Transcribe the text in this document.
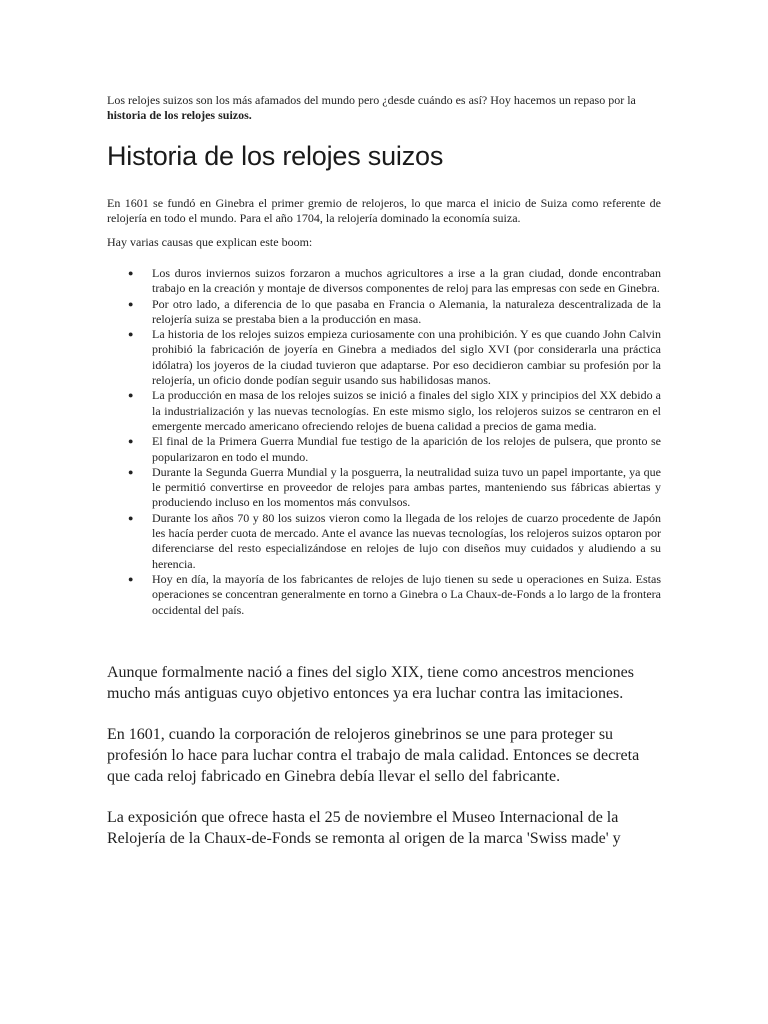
Los relojes suizos son los más afamados del mundo pero ¿desde cuándo es así? Hoy hacemos un repaso por la historia de los relojes suizos.

Historia de los relojes suizos

En 1601 se fundó en Ginebra el primer gremio de relojeros, lo que marca el inicio de Suiza como referente de relojería en todo el mundo. Para el año 1704, la relojería dominado la economía suiza.

Hay varias causas que explican este boom:

● Los duros inviernos suizos forzaron a muchos agricultores a irse a la gran ciudad, donde encontraban trabajo en la creación y montaje de diversos componentes de reloj para las empresas con sede en Ginebra.
● Por otro lado, a diferencia de lo que pasaba en Francia o Alemania, la naturaleza descentralizada de la relojería suiza se prestaba bien a la producción en masa.
● La historia de los relojes suizos empieza curiosamente con una prohibición. Y es que cuando John Calvin prohibió la fabricación de joyería en Ginebra a mediados del siglo XVI (por considerarla una práctica idólatra) los joyeros de la ciudad tuvieron que adaptarse. Por eso decidieron cambiar su profesión por la relojería, un oficio donde podían seguir usando sus habilidosas manos.
● La producción en masa de los relojes suizos se inició a finales del siglo XIX y principios del XX debido a la industrialización y las nuevas tecnologías. En este mismo siglo, los relojeros suizos se centraron en el emergente mercado americano ofreciendo relojes de buena calidad a precios de gama media.
● El final de la Primera Guerra Mundial fue testigo de la aparición de los relojes de pulsera, que pronto se popularizaron en todo el mundo.
● Durante la Segunda Guerra Mundial y la posguerra, la neutralidad suiza tuvo un papel importante, ya que le permitió convertirse en proveedor de relojes para ambas partes, manteniendo sus fábricas abiertas y produciendo incluso en los momentos más convulsos.
● Durante los años 70 y 80 los suizos vieron como la llegada de los relojes de cuarzo procedente de Japón les hacía perder cuota de mercado. Ante el avance las nuevas tecnologías, los relojeros suizos optaron por diferenciarse del resto especializándose en relojes de lujo con diseños muy cuidados y aludiendo a su herencia.
● Hoy en día, la mayoría de los fabricantes de relojes de lujo tienen su sede u operaciones en Suiza. Estas operaciones se concentran generalmente en torno a Ginebra o La Chaux-de-Fonds a lo largo de la frontera occidental del país.

Aunque formalmente nació a fines del siglo XIX, tiene como ancestros menciones mucho más antiguas cuyo objetivo entonces ya era luchar contra las imitaciones.

En 1601, cuando la corporación de relojeros ginebrinos se une para proteger su profesión lo hace para luchar contra el trabajo de mala calidad. Entonces se decreta que cada reloj fabricado en Ginebra debía llevar el sello del fabricante.

La exposición que ofrece hasta el 25 de noviembre el Museo Internacional de la Relojería de la Chaux-de-Fonds se remonta al origen de la marca 'Swiss made' y
